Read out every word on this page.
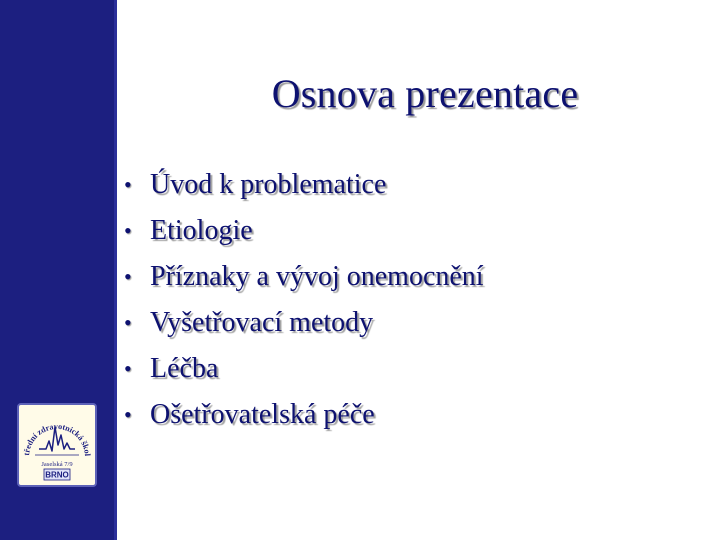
Osnova prezentace
• Úvod k problematice
• Etiologie
• Příznaky a vývoj onemocnění
• Vyšetřovací metody
• Léčba
• Ošetřovatelská péče
třední zdravotnická škol
Jaselská 7/9
BRNO
